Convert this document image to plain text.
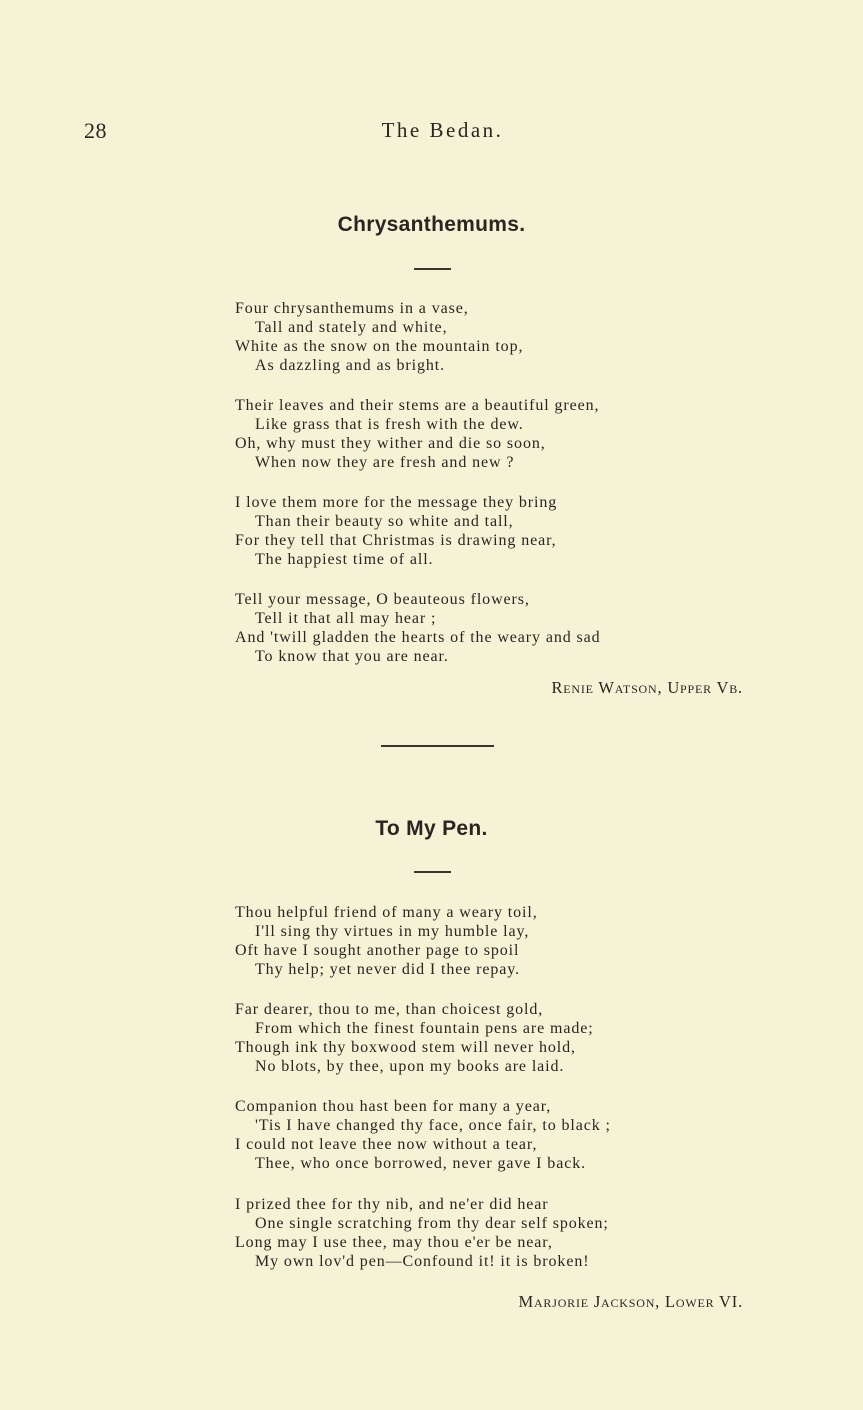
28	The Bedan.
Chrysanthemums.
Four chrysanthemums in a vase,
Tall and stately and white,
White as the snow on the mountain top,
As dazzling and as bright.
Their leaves and their stems are a beautiful green,
Like grass that is fresh with the dew.
Oh, why must they wither and die so soon,
When now they are fresh and new ?
I love them more for the message they bring
Than their beauty so white and tall,
For they tell that Christmas is drawing near,
The happiest time of all.
Tell your message, O beauteous flowers,
Tell it that all may hear ;
And 'twill gladden the hearts of the weary and sad
To know that you are near.
Renie Watson, Upper Vb.
To My Pen.
Thou helpful friend of many a weary toil,
I'll sing thy virtues in my humble lay,
Oft have I sought another page to spoil
Thy help; yet never did I thee repay.
Far dearer, thou to me, than choicest gold,
From which the finest fountain pens are made;
Though ink thy boxwood stem will never hold,
No blots, by thee, upon my books are laid.
Companion thou hast been for many a year,
'Tis I have changed thy face, once fair, to black ;
I could not leave thee now without a tear,
Thee, who once borrowed, never gave I back.
I prized thee for thy nib, and ne'er did hear
One single scratching from thy dear self spoken;
Long may I use thee, may thou e'er be near,
My own lov'd pen—Confound it! it is broken!
Marjorie Jackson, Lower VI.
